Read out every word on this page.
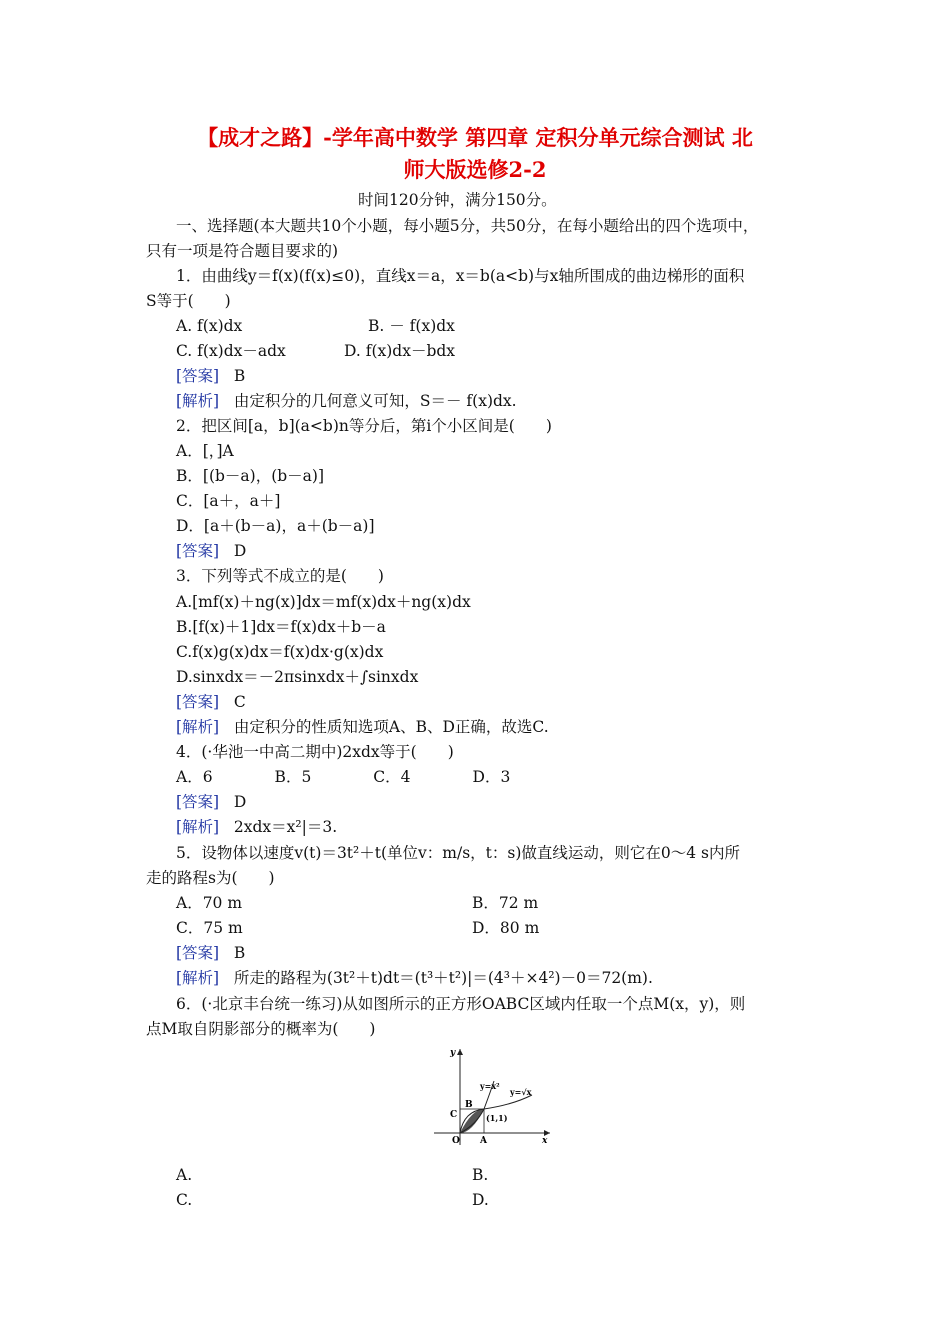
【成才之路】-学年高中数学 第四章 定积分单元综合测试 北
师大版选修2-2
时间120分钟，满分150分。
一、选择题(本大题共10个小题，每小题5分，共50分，在每小题给出的四个选项中，
只有一项是符合题目要求的)
1．由曲线y＝f(x)(f(x)≤0)，直线x＝a，x＝b(a<b)与x轴所围成的曲边梯形的面积
S等于(　　)
A. f(x)dx	B. － f(x)dx
C. f(x)dx－adx	D. f(x)dx－bdx
[答案] B
[解析] 由定积分的几何意义可知，S＝－ f(x)dx.
2．把区间[a，b](a<b)n等分后，第i个小区间是(　　)
A．[，]A
B．[(b－a)，(b－a)]
C．[a＋，a＋]
D．[a＋(b－a)，a＋(b－a)]
[答案] D
3．下列等式不成立的是(　　)
A.[mf(x)＋ng(x)]dx＝mf(x)dx＋ng(x)dx
B.[f(x)＋1]dx＝f(x)dx＋b－a
C.f(x)g(x)dx＝f(x)dx·g(x)dx
D.sinxdx＝－2πsinxdx＋∫sinxdx
[答案] C
[解析] 由定积分的性质知选项A、B、D正确，故选C.
4．(·华池一中高二期中)2xdx等于(　　)
A．6　　　　B．5　　　　C．4　　　　D．3
[答案] D
[解析] 2xdx＝x²|＝3.
5．设物体以速度v(t)＝3t²＋t(单位v：m/s，t：s)做直线运动，则它在0～4 s内所
走的路程s为(　　)
A．70 m	B．72 m
C．75 m	D．80 m
[答案] B
[解析] 所走的路程为(3t²＋t)dt＝(t³＋t²)|＝(4³＋×4²)－0＝72(m).
6．(·北京丰台统一练习)从如图所示的正方形OABC区域内任取一个点M(x，y)，则
点M取自阴影部分的概率为(　　)
y
x
y=x²
y=√x
(1,1)
B
C
O A
A.	B.
C.	D.
